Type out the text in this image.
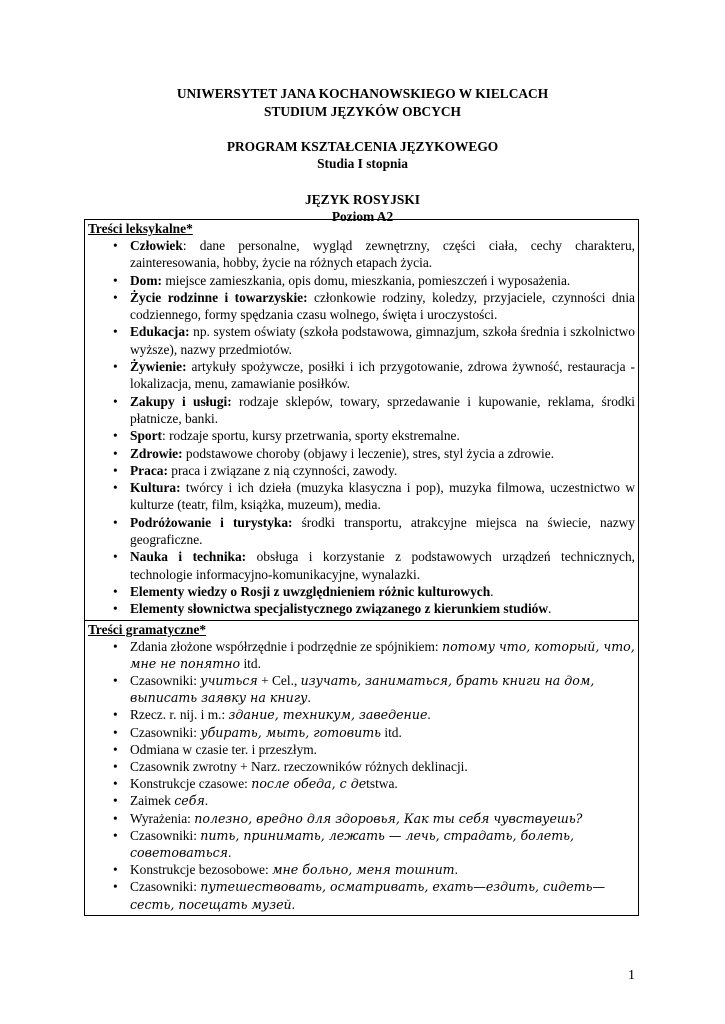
UNIWERSYTET JANA KOCHANOWSKIEGO W KIELCACH
STUDIUM JĘZYKÓW OBCYCH
PROGRAM KSZTAŁCENIA JĘZYKOWEGO
Studia I stopnia
JĘZYK ROSYJSKI
Poziom A2
Treści leksykalne*
• Człowiek: dane personalne, wygląd zewnętrzny, części ciała, cechy charakteru, zainteresowania, hobby, życie na różnych etapach życia.
• Dom: miejsce zamieszkania, opis domu, mieszkania, pomieszczeń i wyposażenia.
• Życie rodzinne i towarzyskie: członkowie rodziny, koledzy, przyjaciele, czynności dnia codziennego, formy spędzania czasu wolnego, święta i uroczystości.
• Edukacja: np. system oświaty (szkoła podstawowa, gimnazjum, szkoła średnia i szkolnictwo wyższe), nazwy przedmiotów.
• Żywienie: artykuły spożywcze, posiłki i ich przygotowanie, zdrowa żywność, restauracja - lokalizacja, menu, zamawianie posiłków.
• Zakupy i usługi: rodzaje sklepów, towary, sprzedawanie i kupowanie, reklama, środki płatnicze, banki.
• Sport: rodzaje sportu, kursy przetrwania, sporty ekstremalne.
• Zdrowie: podstawowe choroby (objawy i leczenie), stres, styl życia a zdrowie.
• Praca: praca i związane z nią czynności, zawody.
• Kultura: twórcy i ich dzieła (muzyka klasyczna i pop), muzyka filmowa, uczestnictwo w kulturze (teatr, film, książka, muzeum), media.
• Podróżowanie i turystyka: środki transportu, atrakcyjne miejsca na świecie, nazwy geograficzne.
• Nauka i technika: obsługa i korzystanie z podstawowych urządzeń technicznych, technologie informacyjno-komunikacyjne, wynalazki.
• Elementy wiedzy o Rosji z uwzględnieniem różnic kulturowych.
• Elementy słownictwa specjalistycznego związanego z kierunkiem studiów.
Treści gramatyczne*
• Zdania złożone współrzędnie i podrzędnie ze spójnikiem: потому что, который, что, мне не понятно itd.
• Czasowniki: учиться + Cel., изучать, заниматься, брать книги на дом, выписать заявку на книгу.
• Rzecz. r. nij. i m.: здание, техникум, заведение.
• Czasowniki: убирать, мыть, готовить itd.
• Odmiana w czasie ter. i przeszłym.
• Czasownik zwrotny + Narz. rzeczowników różnych deklinacji.
• Konstrukcje czasowe: после обеда, с деtstwa.
• Zaimek себя.
• Wyrażenia: полезно, вредно для здоровья, Как ты себя чувствуешь?
• Czasowniki: пить, принимать, лежать — лечь, страдать, болеть, советоваться.
• Konstrukcje bezosobowe: мне больно, меня тошнит.
• Czasowniki: путешествовать, осматривать, ехать—ездить, сидеть—сесть, посещать музей.
1
